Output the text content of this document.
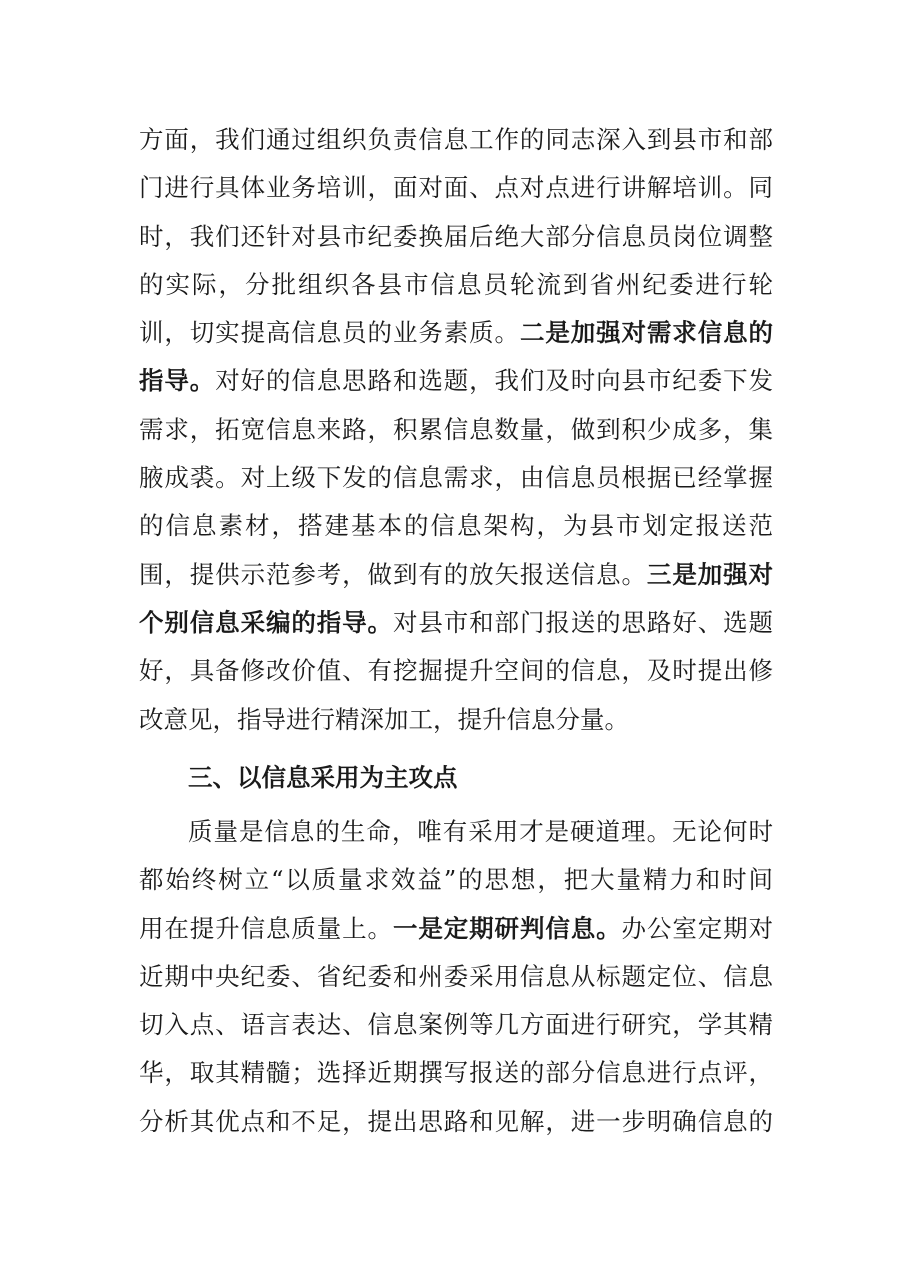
方面，我们通过组织负责信息工作的同志深入到县市和部
门进行具体业务培训，面对面、点对点进行讲解培训。同
时，我们还针对县市纪委换届后绝大部分信息员岗位调整
的实际，分批组织各县市信息员轮流到省州纪委进行轮
训，切实提高信息员的业务素质。二是加强对需求信息的
指导。对好的信息思路和选题，我们及时向县市纪委下发
需求，拓宽信息来路，积累信息数量，做到积少成多，集
腋成裘。对上级下发的信息需求，由信息员根据已经掌握
的信息素材，搭建基本的信息架构，为县市划定报送范
围，提供示范参考，做到有的放矢报送信息。三是加强对
个别信息采编的指导。对县市和部门报送的思路好、选题
好，具备修改价值、有挖掘提升空间的信息，及时提出修
改意见，指导进行精深加工，提升信息分量。
三、以信息采用为主攻点
质量是信息的生命，唯有采用才是硬道理。无论何时
都始终树立“以质量求效益”的思想，把大量精力和时间
用在提升信息质量上。一是定期研判信息。办公室定期对
近期中央纪委、省纪委和州委采用信息从标题定位、信息
切入点、语言表达、信息案例等几方面进行研究，学其精
华，取其精髓；选择近期撰写报送的部分信息进行点评，
分析其优点和不足，提出思路和见解，进一步明确信息的
